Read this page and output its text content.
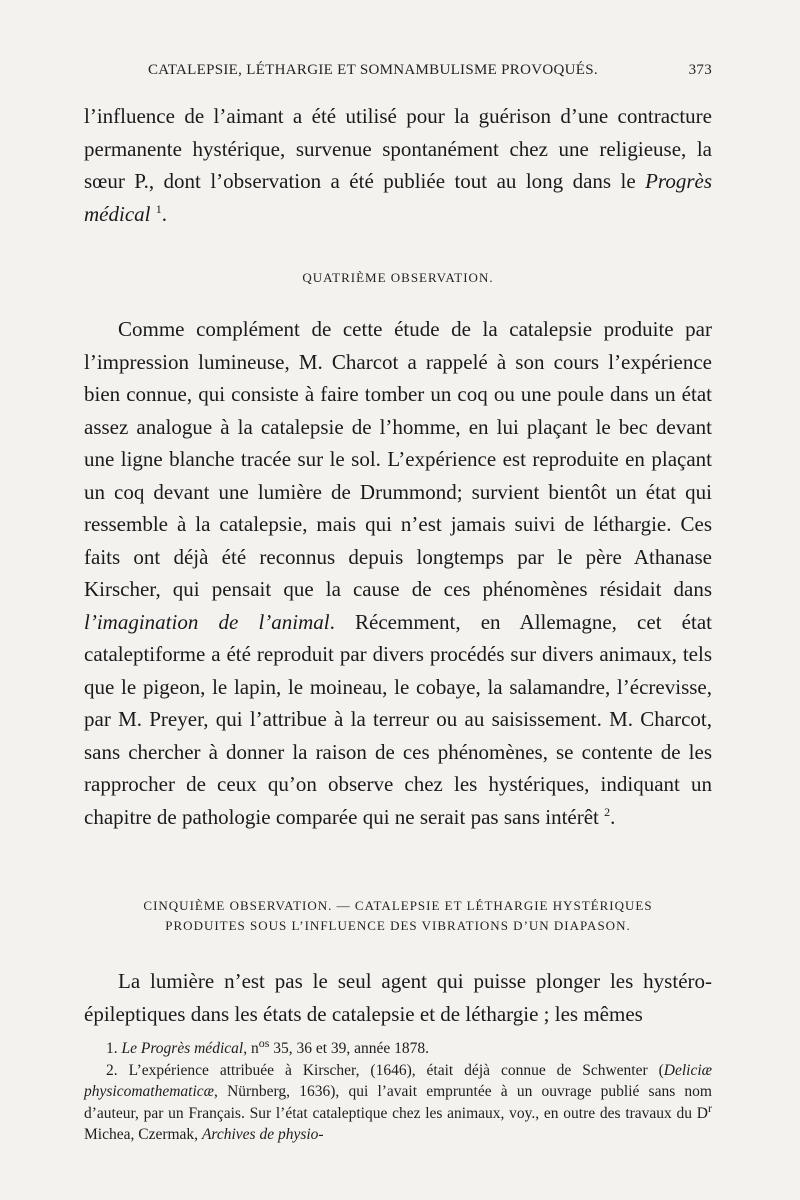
CATALEPSIE, LÉTHARGIE ET SOMNAMBULISME PROVOQUÉS.	373

l’influence de l’aimant a été utilisé pour la guérison d’une contracture permanente hystérique, survenue spontanément chez une religieuse, la sœur P., dont l’observation a été publiée tout au long dans le Progrès médical $^1$.

QUATRIÈME OBSERVATION.

Comme complément de cette étude de la catalepsie produite par l’impression lumineuse, M. Charcot a rappelé à son cours l’expérience bien connue, qui consiste à faire tomber un coq ou une poule dans un état assez analogue à la catalepsie de l’homme, en lui plaçant le bec devant une ligne blanche tracée sur le sol. L’expérience est reproduite en plaçant un coq devant une lumière de Drummond; survient bientôt un état qui ressemble à la catalepsie, mais qui n’est jamais suivi de léthargie. Ces faits ont déjà été reconnus depuis longtemps par le père Athanase Kirscher, qui pensait que la cause de ces phénomènes résidait dans l’imagination de l’animal. Récemment, en Allemagne, cet état cataleptiforme a été reproduit par divers procédés sur divers animaux, tels que le pigeon, le lapin, le moineau, le cobaye, la salamandre, l’écrevisse, par M. Preyer, qui l’attribue à la terreur ou au saisissement. M. Charcot, sans chercher à donner la raison de ces phénomènes, se contente de les rapprocher de ceux qu’on observe chez les hystériques, indiquant un chapitre de pathologie comparée qui ne serait pas sans intérêt $^2$.

CINQUIÈME OBSERVATION. — CATALEPSIE ET LÉTHARGIE HYSTÉRIQUES
PRODUITES SOUS L’INFLUENCE DES VIBRATIONS D’UN DIAPASON.

La lumière n’est pas le seul agent qui puisse plonger les hystéro-épileptiques dans les états de catalepsie et de léthargie ; les mêmes

1. Le Progrès médical, $n^{os}$ 35, 36 et 39, année 1878.

2. L’expérience attribuée à Kirscher, (1646), était déjà connue de Schwenter (Deliciæ physicomathematicæ, Nürnberg, 1636), qui l’avait empruntée à un ouvrage publié sans nom d’auteur, par un Français. Sur l’état cataleptique chez les animaux, voy., en outre des travaux du $D^r$ Michea, Czermak, Archives de physio-
